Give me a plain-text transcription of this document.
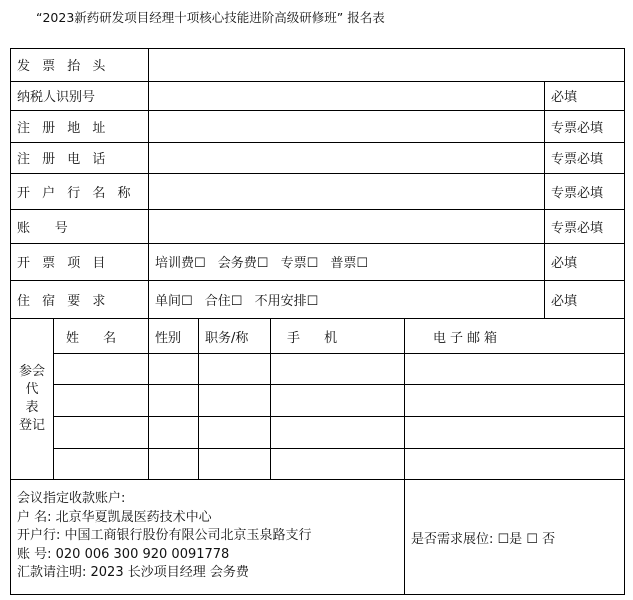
“2023新药研发项目经理十项核心技能进阶高级研修班” 报名表
发 票 抬 头						
纳税人识别号						必填
注 册 地 址						专票必填
注 册 电 话						专票必填
开 户 行 名 称						专票必填
账      号						专票必填
开 票 项 目		培训费☐ 会务费☐ 专票☐ 普票☐				必填
住 宿 要 求		单间☐ 合住☐ 不用安排☐				必填

参会
代
表
登记	姓 名	性别	职务/称	手 机	电子邮箱	

会议指定收款账户:
户 名: 北京华夏凯晟医药技术中心
开户行: 中国工商银行股份有限公司北京玉泉路支行
账 号: 020 006 300 920 0091778
汇款请注明: 2023 长沙项目经理 会务费					是否需求展位: ☐是 ☐ 否	
